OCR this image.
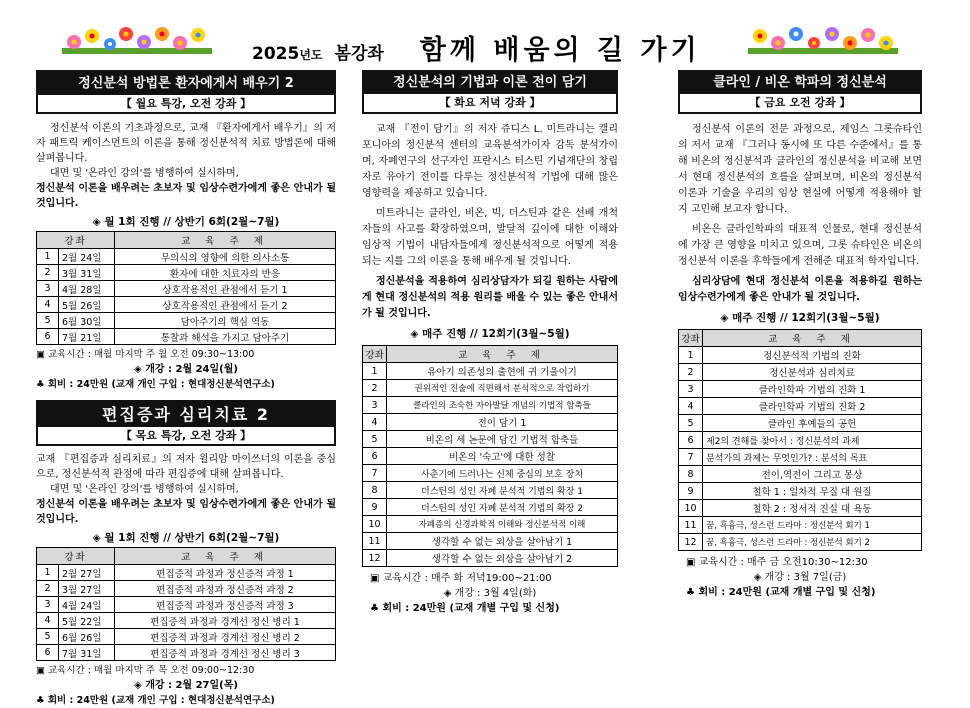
2025 년도 봄강좌 함께 배움의 길 가기
정신분석 방법론 환자에게서 배우기 2
【 월요 특강, 오전 강좌 】

정신분석 이론의 기초과정으로, 교재 『환자에게서 배우기』의 저자 패트릭 케이스먼트의 이론을 통해 정신분석적 치료 방법론에 대해 살펴봅니다.

대면 및 '온라인 강의'를 병행하여 실시하며,

정신분석 이론을 배우려는 초보자 및 임상수련가에게 좋은 안내가 될 것입니다.

◈ 월 1회 진행 // 상반기 6회(2월~7월)
강좌		교 육 주 제
1	2월 24일	무의식의 영향에 의한 의사소통
2	3월 31일	환자에 대한 치료자의 반응
3	4월 28일	상호작용적인 관점에서 듣기 1
4	5월 26일	상호작용적인 관점에서 듣기 2
5	6월 30일	담아주기의 핵심 역동
6	7월 21일	통찰과 해석을 가지고 담아주기
▣ 교육시간 : 매월 마지막 주 월 오전 09:30~13:00
◈ 개강 : 2월 24일(월)
♣ 회비 : 24만원 (교재 개인 구입 : 현대정신분석연구소)
편집증과 심리치료 2
【 목요 특강, 오전 강좌 】

교재 『편집증과 심리치료』의 저자 윌리암 마이쓰너의 이론을 중심으로, 정신분석적 관점에 따라 편집증에 대해 살펴봅니다.

대면 및 '온라인 강의'를 병행하여 실시하며,

정신분석 이론을 배우려는 초보자 및 임상수련가에게 좋은 안내가 될 것입니다.

◈ 월 1회 진행 // 상반기 6회(2월~7월)
강좌		교 육 주 제
1	2월 27일	편집증적 과정과 정신증적 과정 1
2	3월 27일	편집증적 과정과 정신증적 과정 2
3	4월 24일	편집증적 과정과 정신증적 과정 3
4	5월 22일	편집증적 과정과 경계선 정신 병리 1
5	6월 26일	편집증적 과정과 경계선 정신 병리 2
6	7월 31일	편집증적 과정과 경계선 정신 병리 3
▣ 교육시간 : 매월 마지막 주 목 오전 09:00~12:30
◈ 개강 : 2월 27일(목)
♣ 회비 : 24만원 (교재 개인 구입 : 현대정신분석연구소)
정신분석의 기법과 이론 전이 담기
【 화요 저녁 강좌 】

교재 『전이 담기』의 저자 쥬디스 L. 미트라니는 캘리포니아의 정신분석 센터의 교육분석가이자 감독 분석가이며, 자폐연구의 선구자인 프란시스 터스틴 기념재단의 창립자로 유아기 전이를 다루는 정신분석적 기법에 대해 많은 영향력을 제공하고 있습니다.

미트라니는 클라인, 비온, 빅, 더스틴과 같은 선배 개척자들의 사고를 확장하였으며, 발달적 깊이에 대한 이해와 임상적 기법이 내담자들에게 정신분석적으로 어떻게 적용되는 지를 그의 이론을 통해 배우게 될 것입니다.

정신분석을 적용하여 심리상담자가 되길 원하는 사람에게 현대 정신분석의 적용 원리를 배울 수 있는 좋은 안내서가 될 것입니다.

◈ 매주 진행 // 12회기(3월~5월)
강좌	교 육 주 제
1	유아기 의존성의 출현에 귀 기울이기
2	권위적인 진술에 직면해서 분석적으로 작업하기
3	클라인의 조숙한 자아발달 개념의 기법적 함축들
4	전이 담기 1
5	비온의 세 논문에 담긴 기법적 함축들
6	비온의 '숙고'에 대한 성찰
7	사춘기에 드러나는 신체 중심의 보호 장치
8	더스틴의 성인 자폐 분석적 기법의 확장 1
9	더스틴의 성인 자폐 분석적 기법의 확장 2
10	자폐증의 신경과학적 이해와 정신분석적 이해
11	생각할 수 없는 외상을 살아남기 1
12	생각할 수 없는 외상을 살아남기 2
▣ 교육시간 : 매주 화 저녁19:00~21:00
◈ 개강 : 3월 4일(화)
♣ 회비 : 24만원 (교재 개별 구입 및 신청)
클라인 / 비온 학파의 정신분석
【 금요 오전 강좌 】

정신분석 이론의 전문 과정으로, 제임스 그롯슈타인의 저서 교재 『그러나 동시에 또 다른 수준에서』를 통해 비온의 정신분석과 클라인의 정신분석을 비교해 보면서 현대 정신분석의 흐름을 살펴보며, 비온의 정신분석 이론과 기술을 우리의 임상 현실에 어떻게 적용해야 할지 고민해 보고자 합니다.

비온은 클라인학파의 대표적 인물로, 현대 정신분석에 가장 큰 영향을 미치고 있으며, 그롯 슈타인은 비온의 정신분석 이론을 후학들에게 전해준 대표적 학자입니다.

심리상담에 현대 정신분석 이론을 적용하길 원하는 임상수련가에게 좋은 안내가 될 것입니다.

◈ 매주 진행 // 12회기(3월~5월)
강좌	교 육 주 제
1	정신분석적 기법의 진화
2	정신분석과 심리치료
3	클라인학파 기법의 진화 1
4	클라인학파 기법의 진화 2
5	클라인 후예들의 공헌
6	제2의 견해를 찾아서 : 정신분석의 과제
7	분석가의 과제는 무엇인가? : 분석의 목표
8	전이,역전이 그리고 몽상
9	철학 1 : 일차적 무질 대 원질
10	철학 2 : 정서적 진실 대 욕동
11	꿈, 흑흉극, 성스런 드라마 : 정신분석 회기 1
12	꿈, 흑흉극, 성스런 드라마 : 정신분석 회기 2
▣ 교육시간 : 매주 금 오전10:30~12:30
◈ 개강 : 3월 7일(금)
♣ 회비 : 24만원 (교재 개별 구입 및 신청)
